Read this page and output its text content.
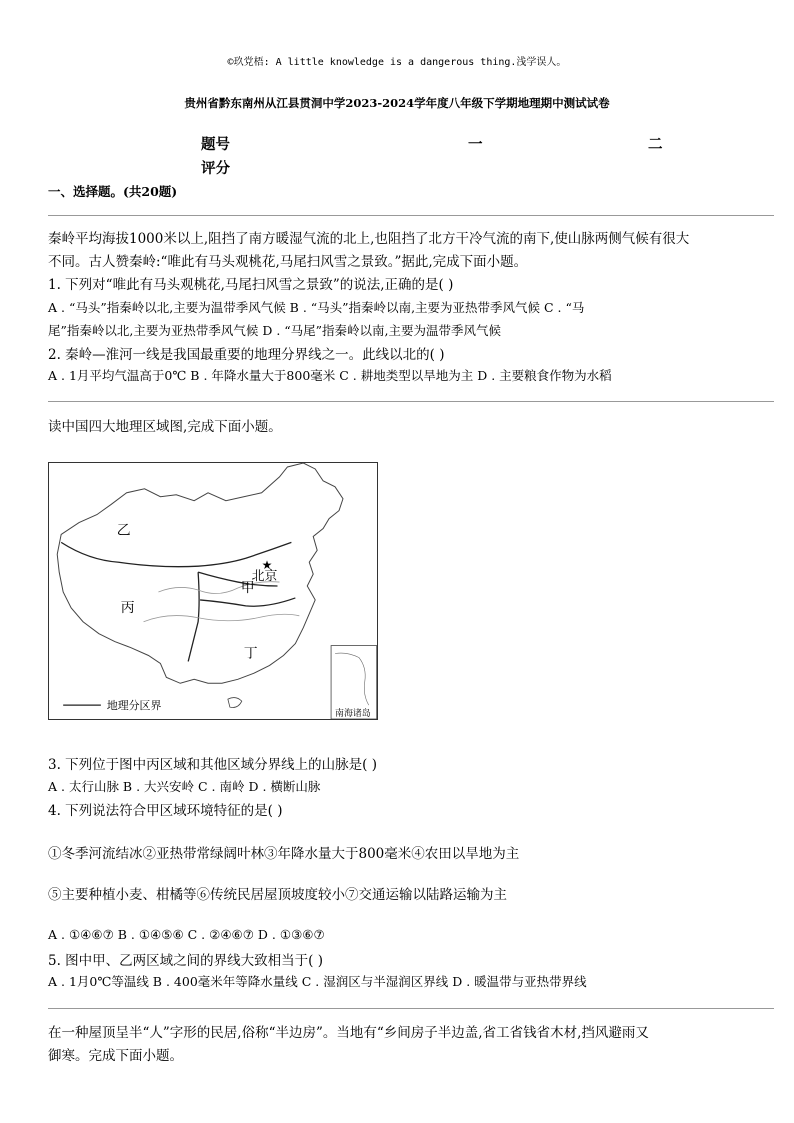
©玖党梧: A little knowledge is a dangerous thing.浅学误人。
贵州省黔东南州从江县贯洞中学2023-2024学年度八年级下学期地理期中测试试卷
题号	一	二
评分
一、选择题。(共20题)
秦岭平均海拔1000米以上,阻挡了南方暖湿气流的北上,也阻挡了北方干冷气流的南下,使山脉两侧气候有很大
不同。古人赞秦岭:“唯此有马头观桃花,马尾扫风雪之景致。”据此,完成下面小题。
1. 下列对“唯此有马头观桃花,马尾扫风雪之景致”的说法,正确的是( )
A . “马头”指秦岭以北,主要为温带季风气候 B . “马头”指秦岭以南,主要为亚热带季风气候 C . “马
尾”指秦岭以北,主要为亚热带季风气候 D . “马尾”指秦岭以南,主要为温带季风气候
2. 秦岭—淮河一线是我国最重要的地理分界线之一。此线以北的( )
A . 1月平均气温高于0℃ B . 年降水量大于800毫米 C . 耕地类型以旱地为主 D . 主要粮食作物为水稻
读中国四大地理区域图,完成下面小题。
★
乙
丙
甲
丁
北京
南海诸岛
地理分区界
3. 下列位于图中丙区域和其他区域分界线上的山脉是( )
A . 太行山脉 B . 大兴安岭 C . 南岭 D . 横断山脉
4. 下列说法符合甲区域环境特征的是( )
①冬季河流结冰②亚热带常绿阔叶林③年降水量大于800毫米④农田以旱地为主
⑤主要种植小麦、柑橘等⑥传统民居屋顶坡度较小⑦交通运输以陆路运输为主
A . ①④⑥⑦ B . ①④⑤⑥ C . ②④⑥⑦ D . ①③⑥⑦
5. 图中甲、乙两区域之间的界线大致相当于( )
A . 1月0℃等温线 B . 400毫米年等降水量线 C . 湿润区与半湿润区界线 D . 暖温带与亚热带界线
在一种屋顶呈半“人”字形的民居,俗称“半边房”。当地有“乡间房子半边盖,省工省钱省木材,挡风避雨又
御寒。完成下面小题。
